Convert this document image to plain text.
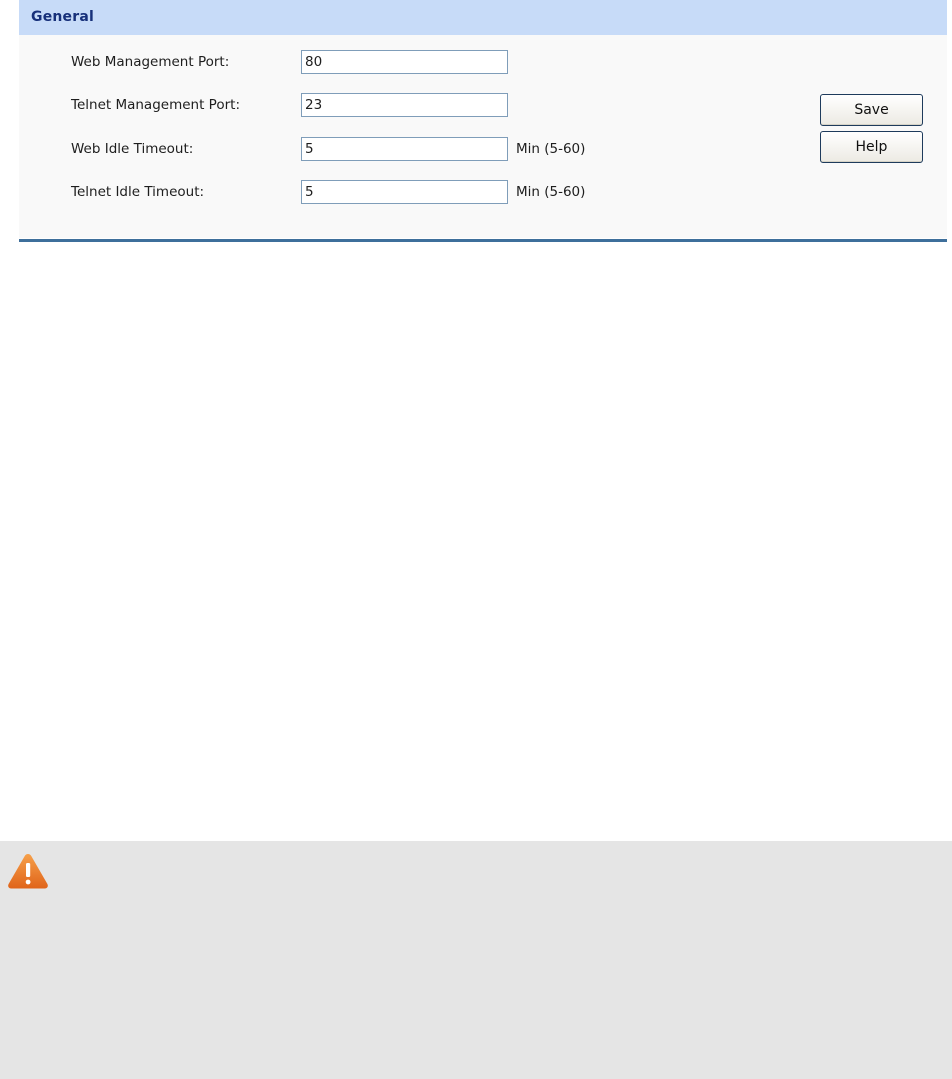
General
Web Management Port:
80
Telnet Management Port:
23
Web Idle Timeout:
5	Min (5-60)
Telnet Idle Timeout:
5	Min (5-60)
Save
Help
